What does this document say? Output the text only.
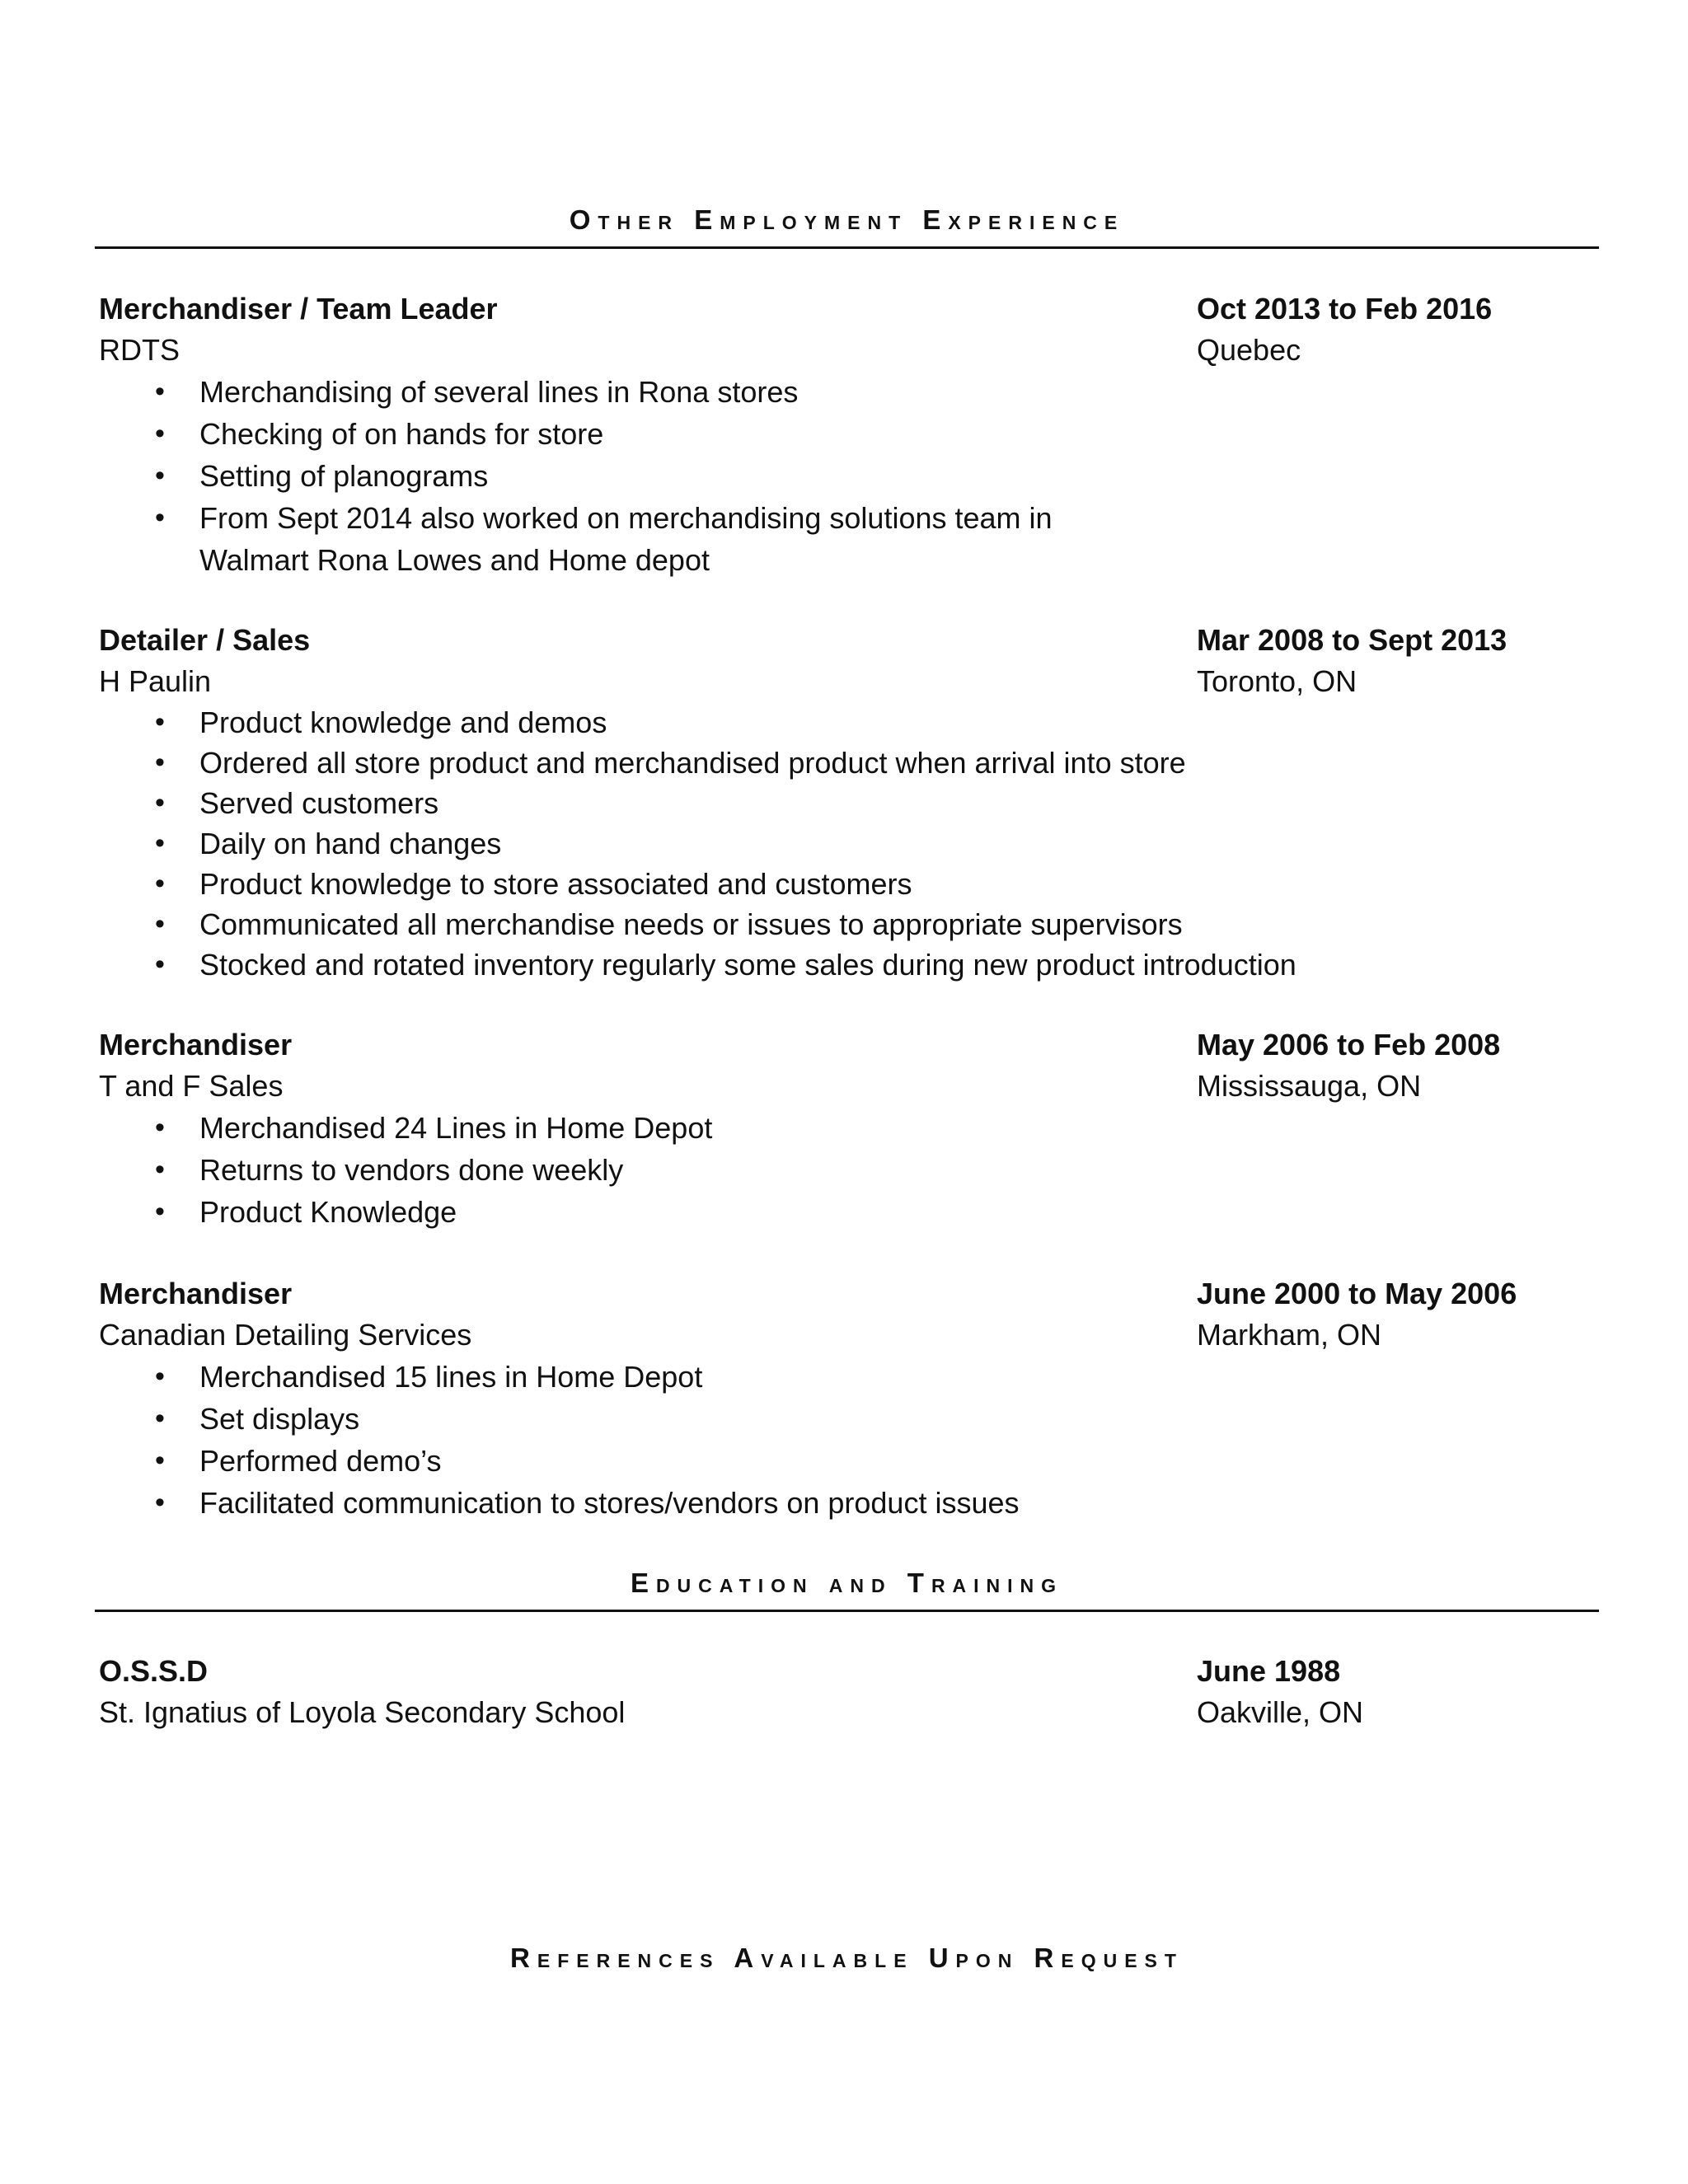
Other Employment Experience
Merchandiser / Team Leader	Oct 2013 to Feb 2016
RDTS	Quebec
• Merchandising of several lines in Rona stores
• Checking of on hands for store
• Setting of planograms
• From Sept 2014 also worked on merchandising solutions team in
Walmart Rona Lowes and Home depot
Detailer / Sales	Mar 2008 to Sept 2013
H Paulin	Toronto, ON
• Product knowledge and demos
• Ordered all store product and merchandised product when arrival into store
• Served customers
• Daily on hand changes
• Product knowledge to store associated and customers
• Communicated all merchandise needs or issues to appropriate supervisors
• Stocked and rotated inventory regularly some sales during new product introduction
Merchandiser	May 2006 to Feb 2008
T and F Sales	Mississauga, ON
• Merchandised 24 Lines in Home Depot
• Returns to vendors done weekly
• Product Knowledge
Merchandiser	June 2000 to May 2006
Canadian Detailing Services	Markham, ON
• Merchandised 15 lines in Home Depot
• Set displays
• Performed demo’s
• Facilitated communication to stores/vendors on product issues
Education and Training
O.S.S.D	June 1988
St. Ignatius of Loyola Secondary School	Oakville, ON
References Available Upon Request
